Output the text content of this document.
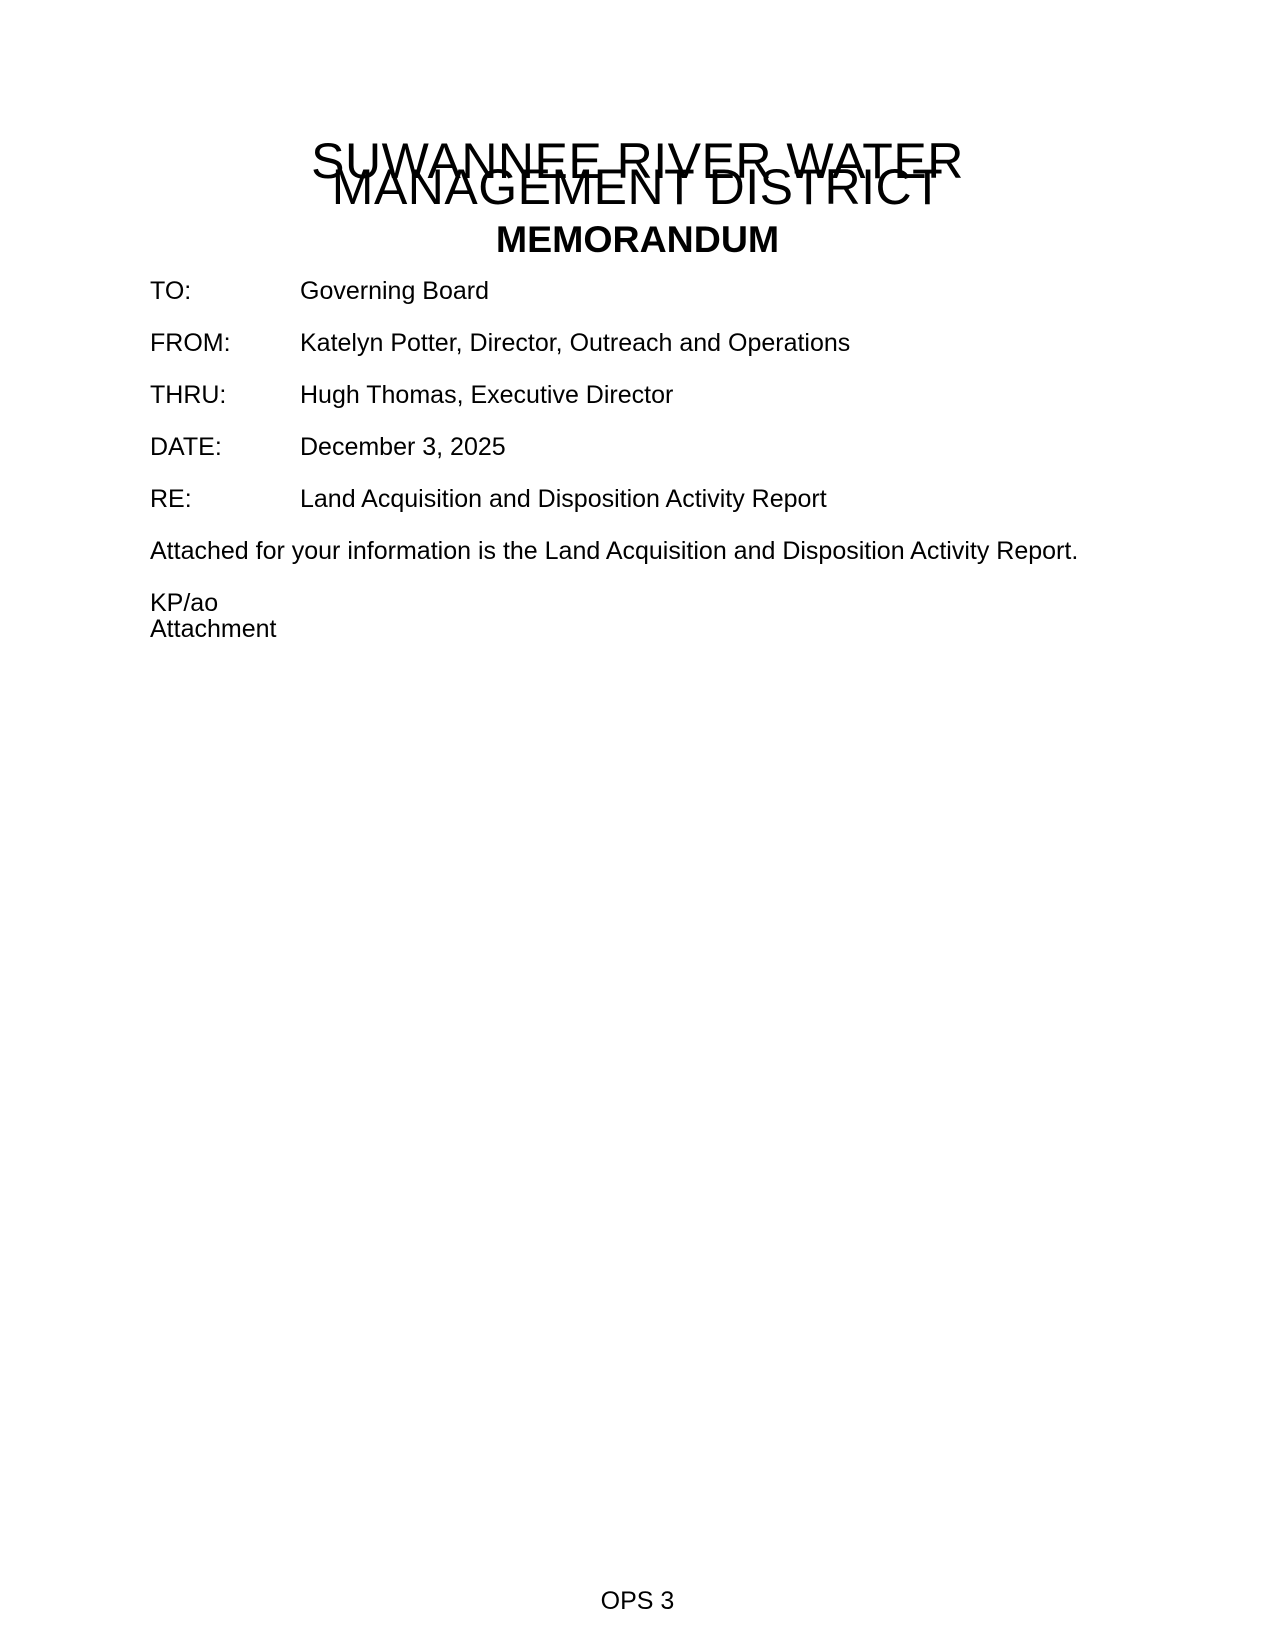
SUWANNEE RIVER WATER MANAGEMENT DISTRICT
MEMORANDUM
TO:	Governing Board
FROM:	Katelyn Potter, Director, Outreach and Operations
THRU:	Hugh Thomas, Executive Director
DATE:	December 3, 2025
RE:	Land Acquisition and Disposition Activity Report

Attached for your information is the Land Acquisition and Disposition Activity Report.

KP/ao
Attachment
OPS 3
